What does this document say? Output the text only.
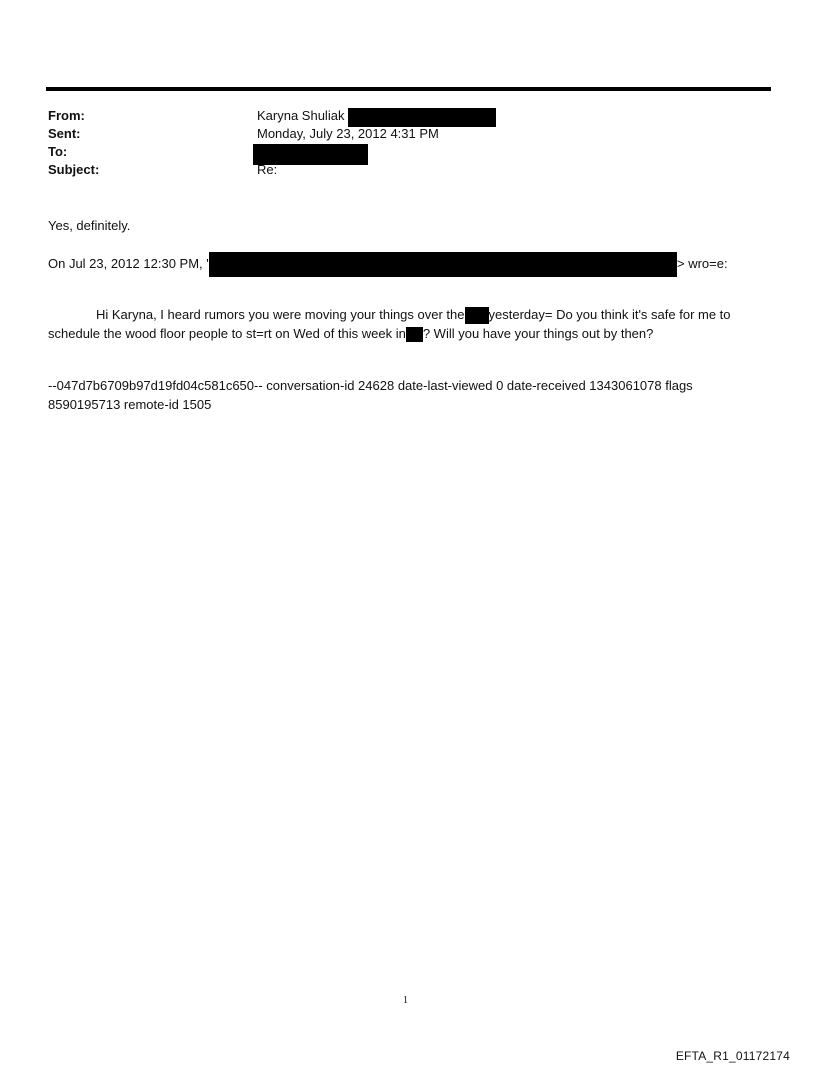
From:	Karyna Shuliak
Sent:	Monday, July 23, 2012 4:31 PM
To:
Subject:	Re:
Yes, definitely.
On Jul 23, 2012 12:30 PM, '	> wro=e:
Hi Karyna, I heard rumors you were moving your things over the yesterday= Do you think it's safe for me to schedule the wood floor people to st=rt on Wed of this week in ? Will you have your things out by then?
--047d7b6709b97d19fd04c581c650-- conversation-id 24628 date-last-viewed 0 date-received 1343061078 flags 8590195713 remote-id 1505
1
EFTA_R1_01172174
